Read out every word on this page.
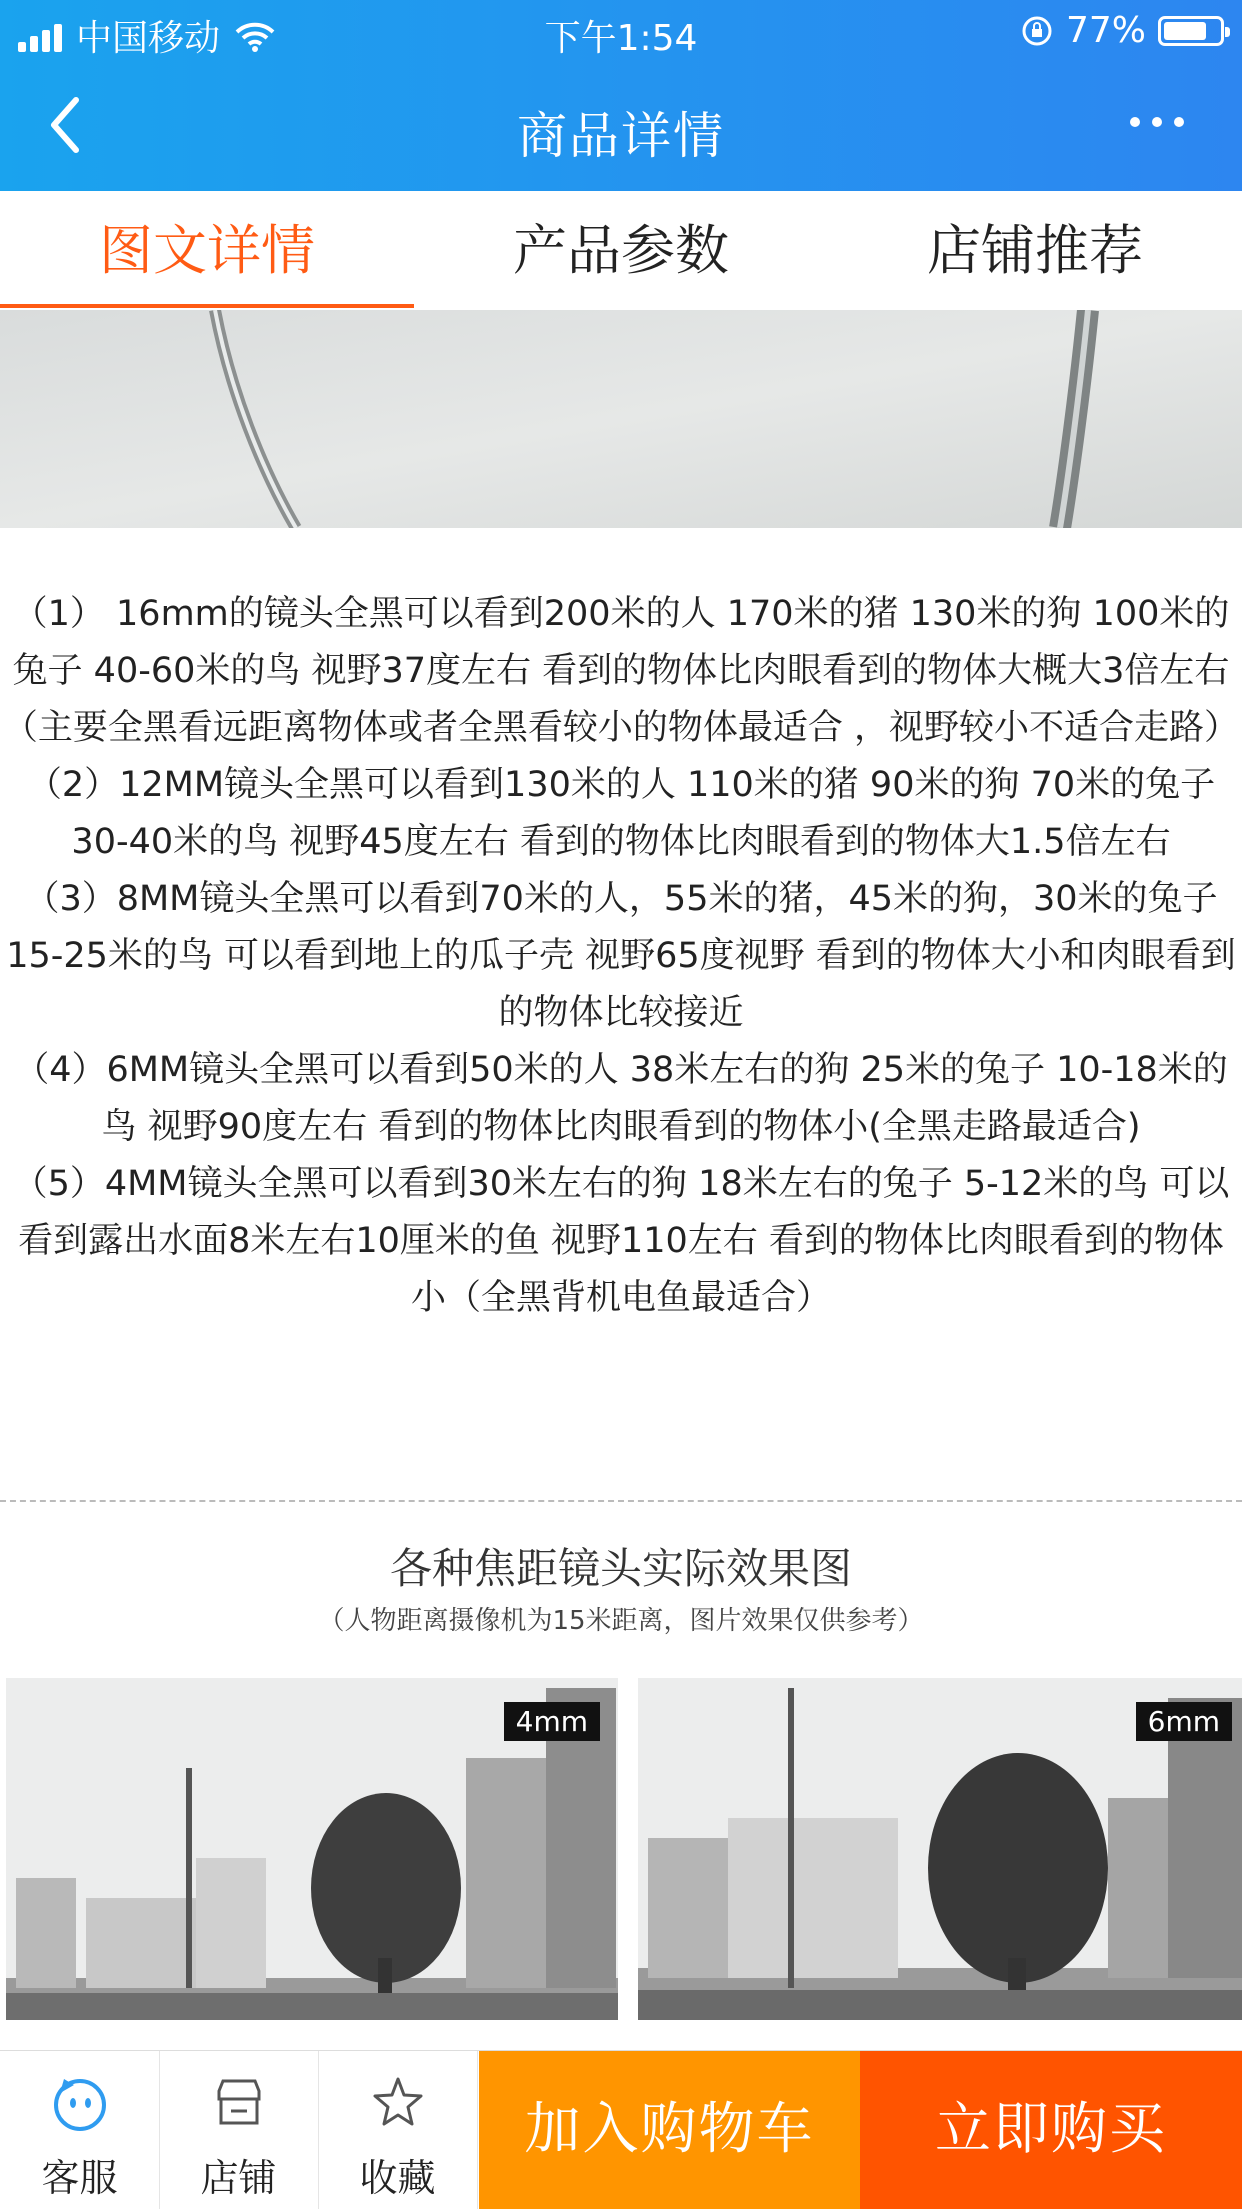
中国移动	下午1:54	77%
商品详情
图文详情	产品参数	店铺推荐

（1） 16mm的镜头全黑可以看到200米的人 170米的猪 130米的狗 100米的兔子 40-60米的鸟 视野37度左右 看到的物体比肉眼看到的物体大概大3倍左右（主要全黑看远距离物体或者全黑看较小的物体最适合 ，视野较小不适合走路）

（2）12MM镜头全黑可以看到130米的人 110米的猪 90米的狗 70米的兔子 30-40米的鸟 视野45度左右 看到的物体比肉眼看到的物体大1.5倍左右

（3）8MM镜头全黑可以看到70米的人，55米的猪，45米的狗，30米的兔子 15-25米的鸟 可以看到地上的瓜子壳 视野65度视野 看到的物体大小和肉眼看到的物体比较接近

（4）6MM镜头全黑可以看到50米的人 38米左右的狗 25米的兔子 10-18米的鸟 视野90度左右 看到的物体比肉眼看到的物体小(全黑走路最适合)

（5）4MM镜头全黑可以看到30米左右的狗 18米左右的兔子 5-12米的鸟 可以看到露出水面8米左右10厘米的鱼 视野110左右 看到的物体比肉眼看到的物体小（全黑背机电鱼最适合）

各种焦距镜头实际效果图
（人物距离摄像机为15米距离，图片效果仅供参考）
4mm	6mm
客服	店铺	收藏
加入购物车	立即购买
